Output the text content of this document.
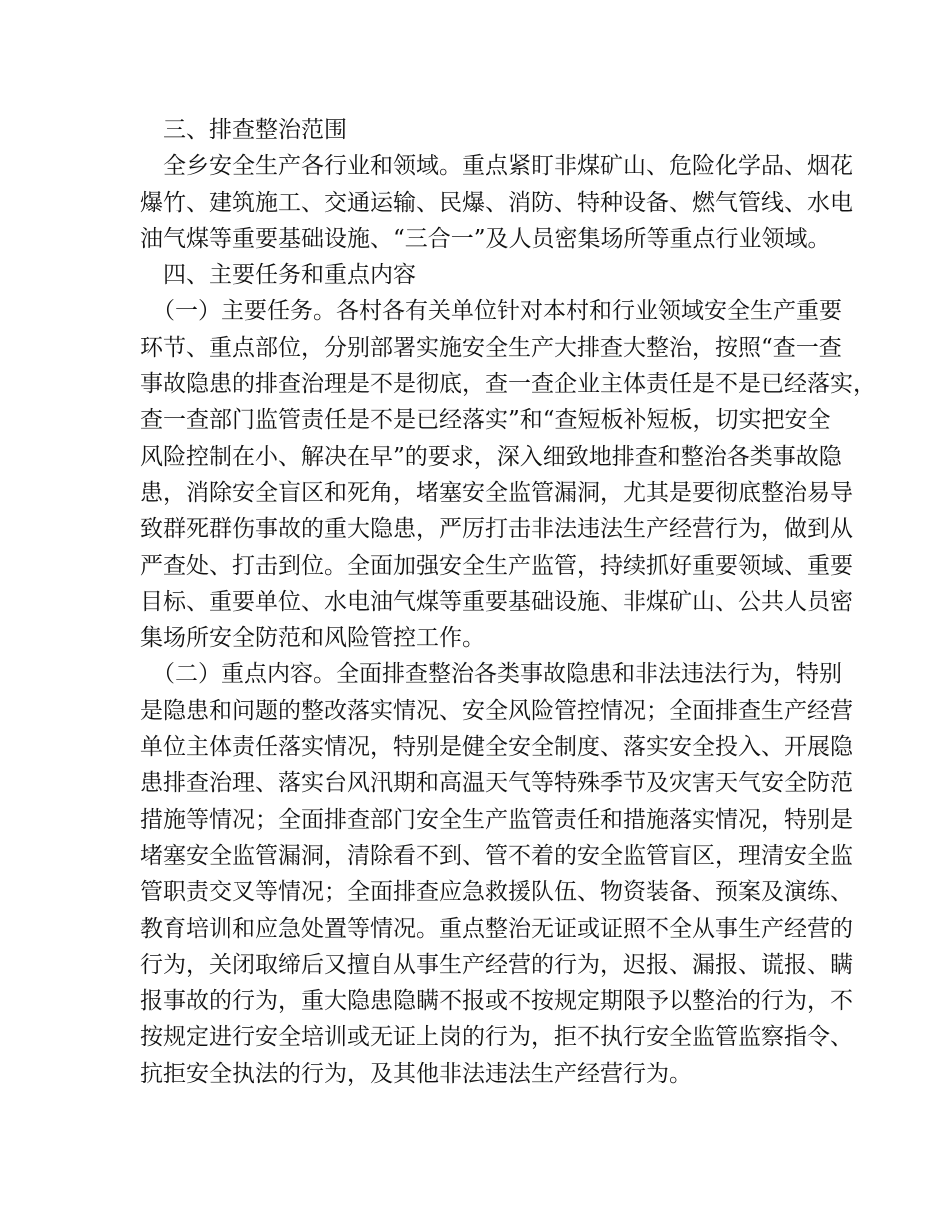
三、排查整治范围
全乡安全生产各行业和领域。重点紧盯非煤矿山、危险化学品、烟花
爆竹、建筑施工、交通运输、民爆、消防、特种设备、燃气管线、水电
油气煤等重要基础设施、“三合一”及人员密集场所等重点行业领域。
四、主要任务和重点内容
（一）主要任务。各村各有关单位针对本村和行业领域安全生产重要
环节、重点部位，分别部署实施安全生产大排查大整治，按照“查一查
事故隐患的排查治理是不是彻底，查一查企业主体责任是不是已经落实，
查一查部门监管责任是不是已经落实”和“查短板补短板，切实把安全
风险控制在小、解决在早”的要求，深入细致地排查和整治各类事故隐
患，消除安全盲区和死角，堵塞安全监管漏洞，尤其是要彻底整治易导
致群死群伤事故的重大隐患，严厉打击非法违法生产经营行为，做到从
严查处、打击到位。全面加强安全生产监管，持续抓好重要领域、重要
目标、重要单位、水电油气煤等重要基础设施、非煤矿山、公共人员密
集场所安全防范和风险管控工作。
（二）重点内容。全面排查整治各类事故隐患和非法违法行为，特别
是隐患和问题的整改落实情况、安全风险管控情况；全面排查生产经营
单位主体责任落实情况，特别是健全安全制度、落实安全投入、开展隐
患排查治理、落实台风汛期和高温天气等特殊季节及灾害天气安全防范
措施等情况；全面排查部门安全生产监管责任和措施落实情况，特别是
堵塞安全监管漏洞，清除看不到、管不着的安全监管盲区，理清安全监
管职责交叉等情况；全面排查应急救援队伍、物资装备、预案及演练、
教育培训和应急处置等情况。重点整治无证或证照不全从事生产经营的
行为，关闭取缔后又擅自从事生产经营的行为，迟报、漏报、谎报、瞒
报事故的行为，重大隐患隐瞒不报或不按规定期限予以整治的行为，不
按规定进行安全培训或无证上岗的行为，拒不执行安全监管监察指令、
抗拒安全执法的行为，及其他非法违法生产经营行为。
